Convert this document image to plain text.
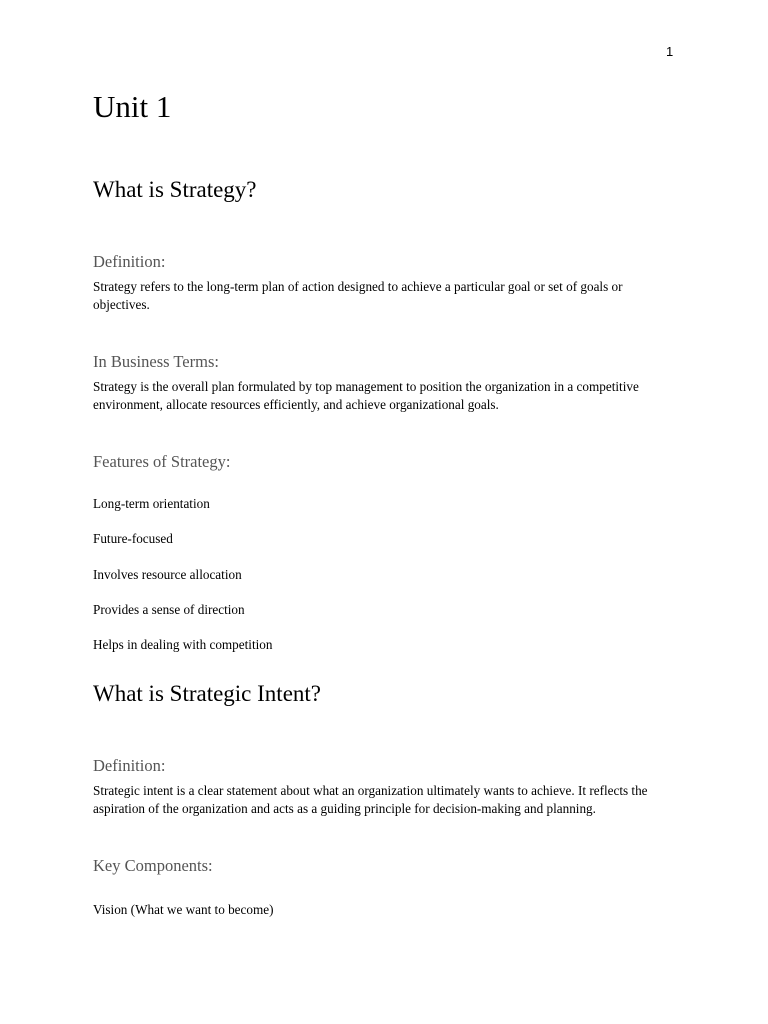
1
Unit 1
What is Strategy?
Definition:
Strategy refers to the long-term plan of action designed to achieve a particular goal or set of goals or objectives.
In Business Terms:
Strategy is the overall plan formulated by top management to position the organization in a competitive environment, allocate resources efficiently, and achieve organizational goals.
Features of Strategy:
Long-term orientation
Future-focused
Involves resource allocation
Provides a sense of direction
Helps in dealing with competition
What is Strategic Intent?
Definition:
Strategic intent is a clear statement about what an organization ultimately wants to achieve. It reflects the aspiration of the organization and acts as a guiding principle for decision-making and planning.
Key Components:
Vision (What we want to become)
